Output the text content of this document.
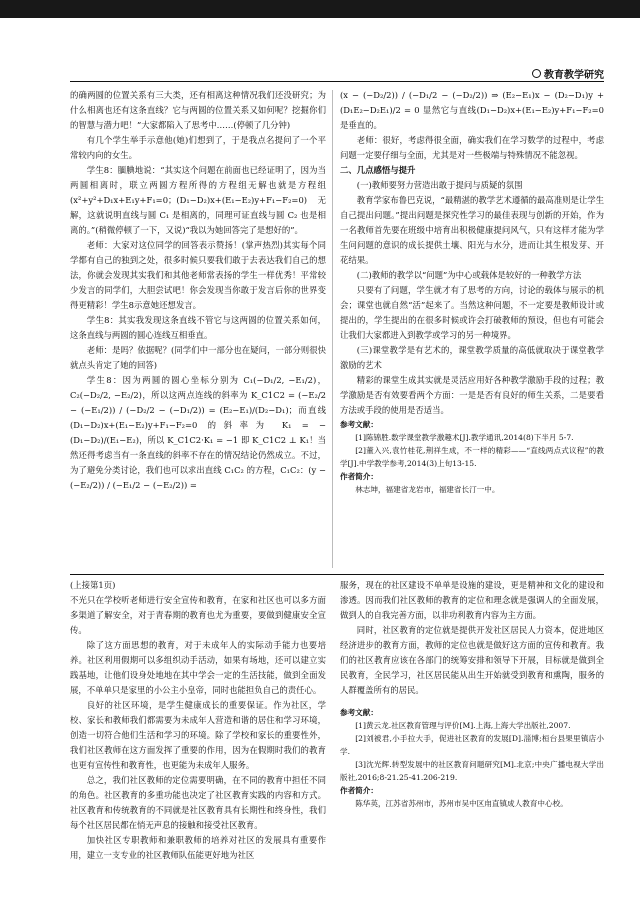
教育教学研究

的确两圆的位置关系有三大类，还有相离这种情况我们还没研究；为什么相离也还有这条直线？它与两圆的位置关系又如何呢？挖掘你们的智慧与潜力吧！”大家都陷入了思考中……(停顿了几分钟)

有几个学生举手示意他(她)们想到了，于是我点名提问了一个平常较内向的女生。

学生8：腼腆地说：“其实这个问题在前面也已经证明了，因为当两圆相离时，联立两圆方程所得的方程组无解也就是方程组 (x²+y²+D₁x+E₁y+F₁=0；(D₁−D₂)x+(E₁−E₂)y+F₁−F₂=0) 无解，这就说明直线与圆 C₁ 是相离的，同理可证直线与圆 C₂ 也是相离的。”(稍微停顿了一下，又说)“我以为她回答完了是想好的”。

老师：大家对这位同学的回答表示赞扬！(掌声热烈)其实每个同学都有自己的独到之处，很多时候只要我们敢于去表达我们自己的想法，你就会发现其实我们和其他老师常表扬的学生一样优秀！平常较少发言的同学们，大胆尝试吧！你会发现当你敢于发言后你的世界变得更精彩！学生8示意她还想发言。

学生8：其实我发现这条直线不管它与这两圆的位置关系如何，这条直线与两圆的圆心连线互相垂直。

老师：是吗？依据呢？(同学们中一部分也在疑问，一部分则很快就点头肯定了她的回答)

学生8：因为两圆的圆心坐标分别为 C₁(−D₁/2, −E₁/2)，C₂(−D₂/2, −E₂/2)，所以这两点连线的斜率为 K_C1C2 = (−E₂/2 − (−E₁/2)) / (−D₂/2 − (−D₁/2)) = (E₂−E₁)/(D₂−D₁)；而直线(D₁−D₂)x+(E₁−E₂)y+F₁−F₂=0 的斜率为 K₁ = −(D₁−D₂)/(E₁−E₂)，所以 K_C1C2·K₁ = −1 即 K_C1C2 ⊥ K₁！当然还得考虑当有一条直线的斜率不存在的情况结论仍然成立。不过，为了避免分类讨论，我们也可以求出直线 C₁C₂ 的方程，C₁C₂：(y − (−E₂/2)) / (−E₁/2 − (−E₂/2)) =

(x − (−D₂/2)) / (−D₁/2 − (−D₂/2)) ⇒ (E₂−E₁)x − (D₂−D₁)y + (D₁E₂−D₂E₁)/2 = 0 显然它与直线(D₁−D₂)x+(E₁−E₂)y+F₁−F₂=0 是垂直的。

老师：很好，考虑得很全面，确实我们在学习数学的过程中，考虑问题一定要仔细与全面，尤其是对一些极端与特殊情况不能忽视。

二、几点感悟与提升

(一)教师要努力营造出敢于提问与质疑的氛围

教育学家布鲁巴克说，“最精湛的教学艺术遵循的最高准则是让学生自己提出问题。”提出问题是探究性学习的最佳表现与创新的开始，作为一名教师首先要在班级中培育出积极健康提问风气，只有这样才能为学生问问题的意识的成长提供土壤、阳光与水分，进而让其生根发芽、开花结果。

(二)教师的教学以“问题”为中心或载体是较好的一种教学方法

只要有了问题，学生就才有了思考的方向，讨论的载体与展示的机会；课堂也就自然“活”起来了。当然这种问题，不一定要是教师设计或提出的，学生提出的在很多时候或许会打破教师的预设，但也有可能会让我们大家都进入到教学或学习的另一种境界。

(三)课堂教学是有艺术的，课堂教学质量的高低就取决于课堂教学激励的艺术

精彩的课堂生成其实就是灵活应用好各种教学激励手段的过程；教学激励是否有效要看两个方面：一是是否有良好的师生关系，二是要看方法或手段的使用是否适当。

参考文献：

[1]陈锦胜.数学课堂教学激趣术[J].教学通讯,2014(8)下半月 5-7.

[2]董入兴,袁竹桂花,荆祥生成，不一样的精彩——“直线两点式议程”的教学[J].中学教学参考,2014(3)上旬13-15.

作者简介：

林志坤，福建省龙岩市，福建省长汀一中。

(上接第1页)

不光只在学校听老师进行安全宣传和教育，在家和社区也可以多方面多渠道了解安全，对于青春期的教育也尤为重要，要做到健康安全宣传。

除了这方面思想的教育，对于未成年人的实际动手能力也要培养。社区利用假期可以多组织动手活动，如果有场地，还可以建立实践基地，让他们设身处地地在其中学会一定的生活技能，做到全面发展，不单单只是家里的小公主小皇帝，同时也能担负自己的责任心。

良好的社区环境，是学生健康成长的重要保证。作为社区，学校、家长和教师我们都需要为未成年人营造和谐的居住和学习环境，创造一切符合他们生活和学习的环境。除了学校和家长的重要性外，我们社区教师在这方面发挥了重要的作用，因为在假期时我们的教育也更有宣传性和教育性，也更能为未成年人服务。

总之，我们社区教师的定位需要明确，在不同的教育中担任不同的角色。社区教育的多重功能也决定了社区教育实践的内容和方式。社区教育和传统教育的不同就是社区教育具有长期性和终身性，我们每个社区居民都在悄无声息的接触和接受社区教育。

加快社区专职教师和兼职教师的培养对社区的发展具有重要作用，建立一支专业的社区教师队伍能更好地为社区

服务，现在的社区建设不单单是设施的建设，更是精神和文化的建设和渗透。因而我们社区教师的教育的定位和理念就是强调人的全面发展，做到人的自我完善方面，以非功利教育内容为主方面。

同时，社区教育的定位就是提供开发社区居民人力资本，促进地区经济进步的教育方面，教师的定位也就是做好这方面的宣传和教育。我们的社区教育应该在各部门的统筹安排和领导下开展，目标就是做到全民教育，全民学习，社区居民能从出生开始就受到教育和熏陶，服务的人群覆盖所有的居民。

参考文献：

[1]黄云龙.社区教育管理与评价[M].上海,上海大学出版社,2007.

[2]刘被君,小手拉大手，促进社区教育的发展[D].淄博;桓台县果里镇店小学.

[3]沈光辉.转型发展中的社区教育问题研究[M].北京;中央广播电视大学出版社,2016;8-21.25-41.206-219.

作者简介：

陈华英，江苏省苏州市，苏州市吴中区甪直镇成人教育中心校。
